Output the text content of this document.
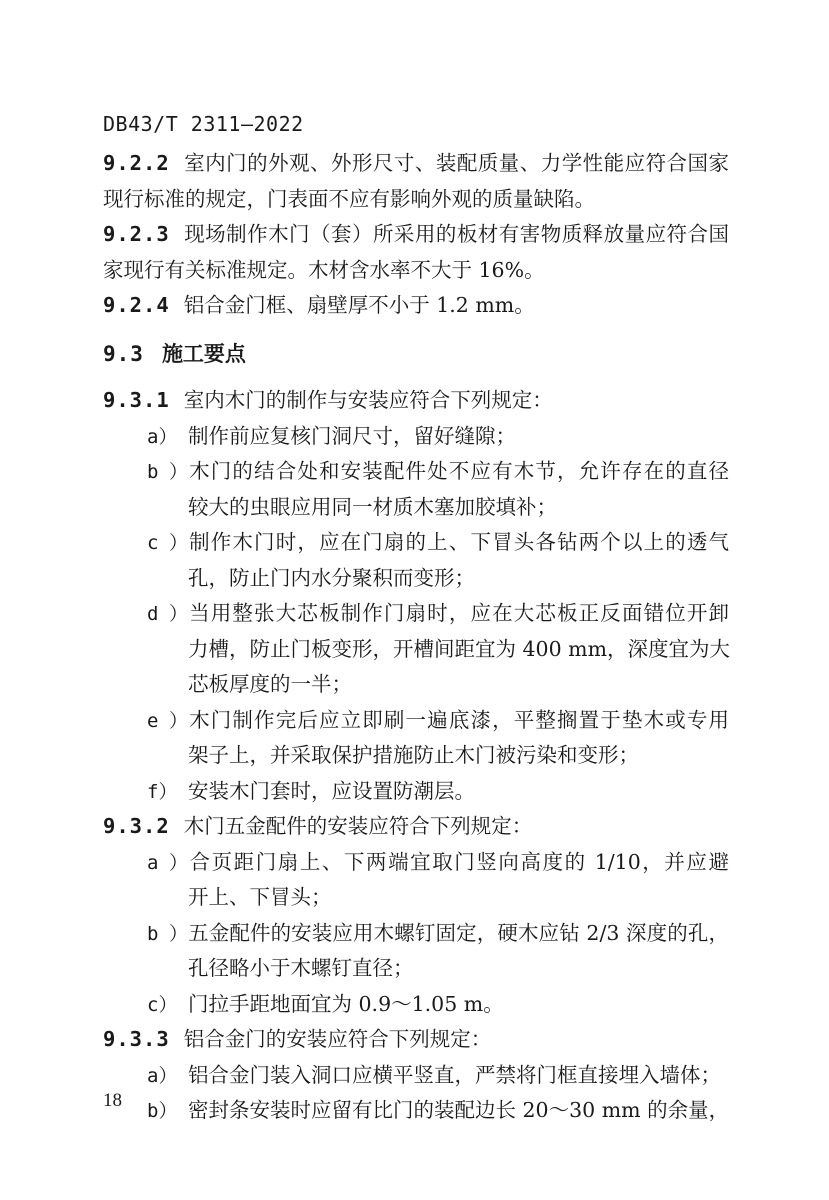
DB43/T 2311—2022
9.2.2 室内门的外观、外形尺寸、装配质量、力学性能应符合国家
现行标准的规定，门表面不应有影响外观的质量缺陷。
9.2.3 现场制作木门（套）所采用的板材有害物质释放量应符合国
家现行有关标准规定。木材含水率不大于 16%。
9.2.4 铝合金门框、扇壁厚不小于 1.2 mm。
9.3 施工要点
9.3.1 室内木门的制作与安装应符合下列规定：
a） 制作前应复核门洞尺寸，留好缝隙；
b）木门的结合处和安装配件处不应有木节，允许存在的直径
较大的虫眼应用同一材质木塞加胶填补；
c）制作木门时，应在门扇的上、下冒头各钻两个以上的透气
孔，防止门内水分聚积而变形；
d）当用整张大芯板制作门扇时，应在大芯板正反面错位开卸
力槽，防止门板变形，开槽间距宜为 400 mm，深度宜为大
芯板厚度的一半；
e）木门制作完后应立即刷一遍底漆，平整搁置于垫木或专用
架子上，并采取保护措施防止木门被污染和变形；
f） 安装木门套时，应设置防潮层。
9.3.2 木门五金配件的安装应符合下列规定：
a）合页距门扇上、下两端宜取门竖向高度的 1/10，并应避
开上、下冒头；
b）五金配件的安装应用木螺钉固定，硬木应钻 2/3 深度的孔，
孔径略小于木螺钉直径；
c） 门拉手距地面宜为 0.9～1.05 m。
9.3.3 铝合金门的安装应符合下列规定：
a） 铝合金门装入洞口应横平竖直，严禁将门框直接埋入墙体；
b） 密封条安装时应留有比门的装配边长 20～30 mm 的余量，
18
